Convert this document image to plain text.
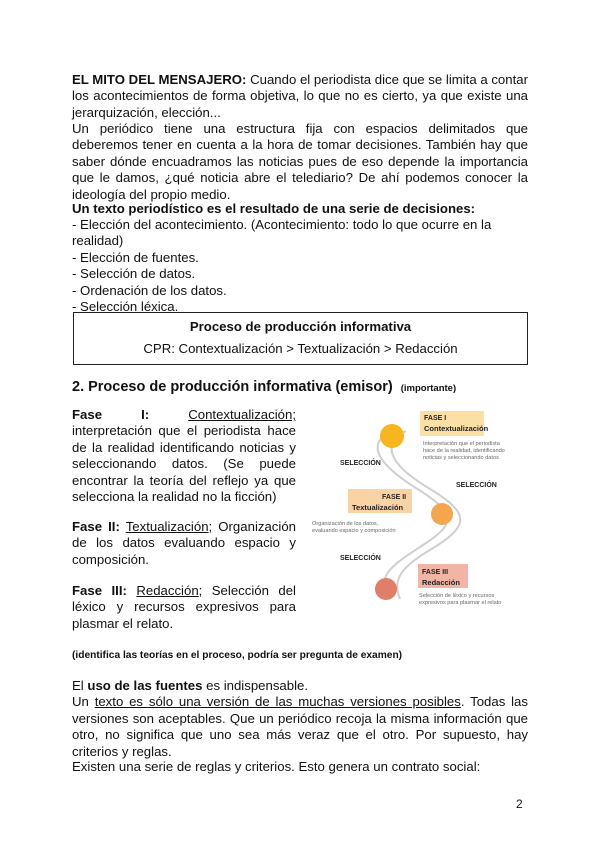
EL MITO DEL MENSAJERO: Cuando el periodista dice que se limita a contar los acontecimientos de forma objetiva, lo que no es cierto, ya que existe una jerarquización, elección...
Un periódico tiene una estructura fija con espacios delimitados que deberemos tener en cuenta a la hora de tomar decisiones. También hay que saber dónde encuadramos las noticias pues de eso depende la importancia que le damos, ¿qué noticia abre el telediario? De ahí podemos conocer la ideología del propio medio.
Un texto periodístico es el resultado de una serie de decisiones:
- Elección del acontecimiento. (Acontecimiento: todo lo que ocurre en la realidad)
- Elección de fuentes.
- Selección de datos.
- Ordenación de los datos.
- Selección léxica.
Proceso de producción informativa
CPR: Contextualización > Textualización > Redacción
2. Proceso de producción informativa (emisor) (importante)
Fase I:	Contextualización; interpretación que el periodista hace de la realidad identificando noticias y seleccionando datos. (Se puede encontrar la teoría del reflejo ya que selecciona la realidad no la ficción)
Fase II: Textualización; Organización de los datos evaluando espacio y composición.
Fase III: Redacción; Selección del léxico y recursos expresivos para plasmar el relato.
FASE I
Contextualización
Interpretación que el periodista
hace de la realidad, identificando
noticias y seleccionando datos
SELECCIÓN
FASE II
Textualización
Organización de los datos,
evaluando espacio y composición
SELECCIÓN
SELECCIÓN
FASE III
Redacción
Selección de léxico y recursos
expresivos para plasmar el relato
(identifica las teorías en el proceso, podría ser pregunta de examen)
El uso de las fuentes es indispensable.
Un texto es sólo una versión de las muchas versiones posibles. Todas las versiones son aceptables. Que un periódico recoja la misma información que otro, no significa que uno sea más veraz que el otro. Por supuesto, hay criterios y reglas.
Existen una serie de reglas y criterios. Esto genera un contrato social:
2
